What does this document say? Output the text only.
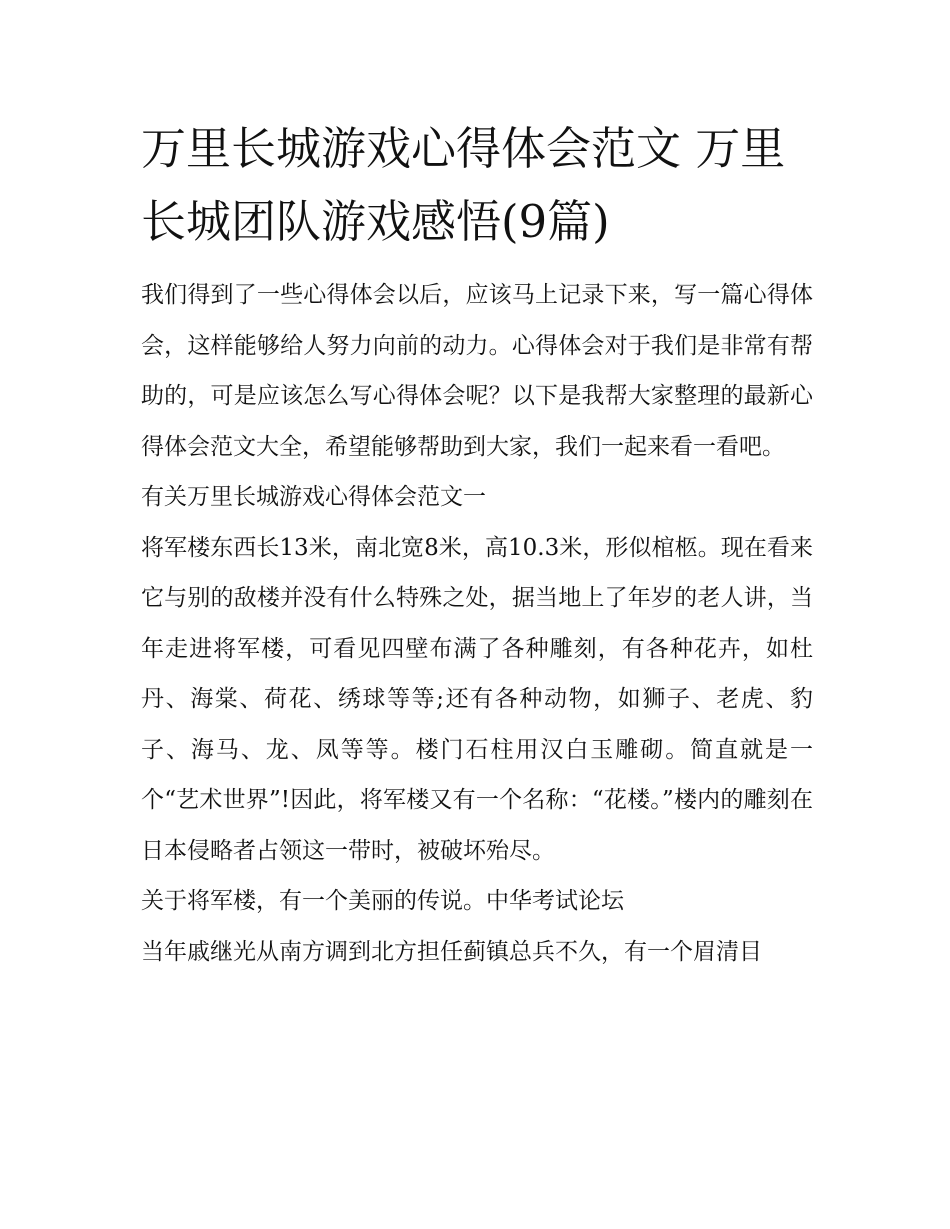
万里长城游戏心得体会范文 万里长城团队游戏感悟(9篇)

我们得到了一些心得体会以后，应该马上记录下来，写一篇心得体会，这样能够给人努力向前的动力。心得体会对于我们是非常有帮助的，可是应该怎么写心得体会呢？以下是我帮大家整理的最新心得体会范文大全，希望能够帮助到大家，我们一起来看一看吧。

有关万里长城游戏心得体会范文一

将军楼东西长13米，南北宽8米，高10.3米，形似棺柩。现在看来它与别的敌楼并没有什么特殊之处，据当地上了年岁的老人讲，当年走进将军楼，可看见四壁布满了各种雕刻，有各种花卉，如杜丹、海棠、荷花、绣球等等;还有各种动物，如狮子、老虎、豹子、海马、龙、凤等等。楼门石柱用汉白玉雕砌。简直就是一个“艺术世界”!因此，将军楼又有一个名称：“花楼。”楼内的雕刻在日本侵略者占领这一带时，被破坏殆尽。

关于将军楼，有一个美丽的传说。中华考试论坛

当年戚继光从南方调到北方担任蓟镇总兵不久，有一个眉清目
